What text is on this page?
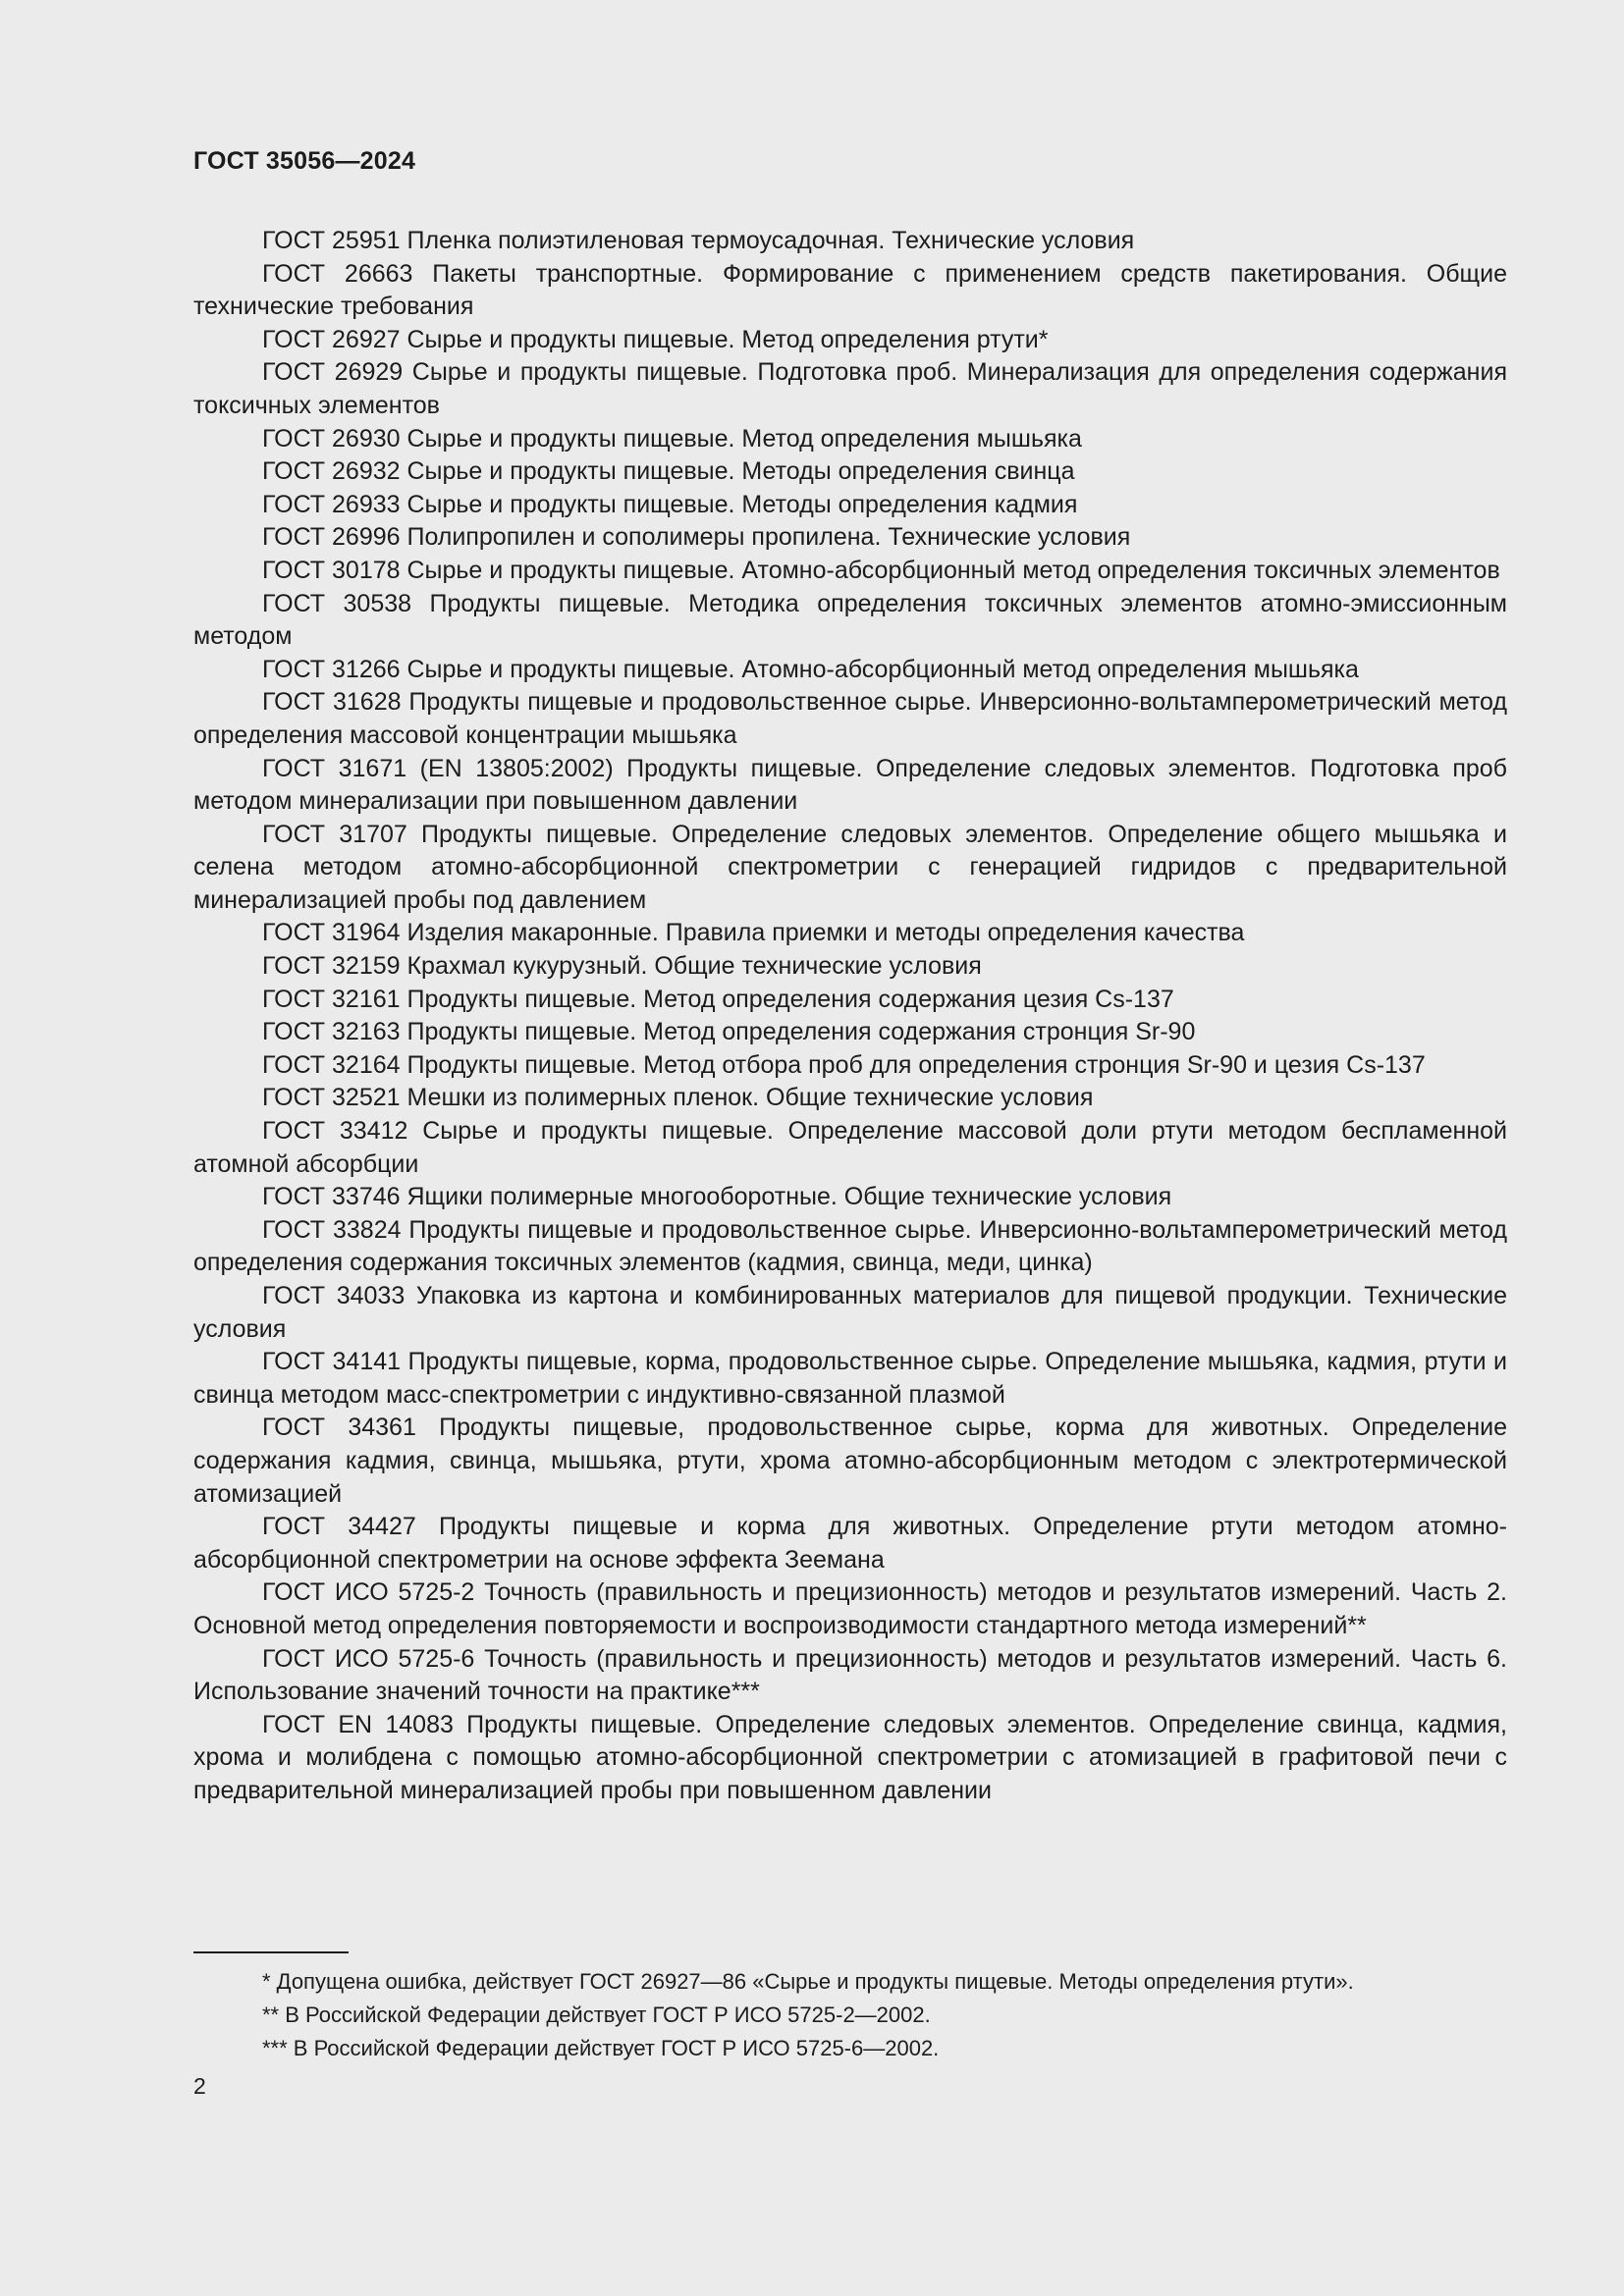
ГОСТ 35056—2024

ГОСТ 25951 Пленка полиэтиленовая термоусадочная. Технические условия

ГОСТ 26663 Пакеты транспортные. Формирование с применением средств пакетирования. Общие технические требования

ГОСТ 26927 Сырье и продукты пищевые. Метод определения ртути*

ГОСТ 26929 Сырье и продукты пищевые. Подготовка проб. Минерализация для определения содержания токсичных элементов

ГОСТ 26930 Сырье и продукты пищевые. Метод определения мышьяка

ГОСТ 26932 Сырье и продукты пищевые. Методы определения свинца

ГОСТ 26933 Сырье и продукты пищевые. Методы определения кадмия

ГОСТ 26996 Полипропилен и сополимеры пропилена. Технические условия

ГОСТ 30178 Сырье и продукты пищевые. Атомно-абсорбционный метод определения токсичных элементов

ГОСТ 30538 Продукты пищевые. Методика определения токсичных элементов атомно-эмиссионным методом

ГОСТ 31266 Сырье и продукты пищевые. Атомно-абсорбционный метод определения мышьяка

ГОСТ 31628 Продукты пищевые и продовольственное сырье. Инверсионно-вольтамперометрический метод определения массовой концентрации мышьяка

ГОСТ 31671 (EN 13805:2002) Продукты пищевые. Определение следовых элементов. Подготовка проб методом минерализации при повышенном давлении

ГОСТ 31707 Продукты пищевые. Определение следовых элементов. Определение общего мышьяка и селена методом атомно-абсорбционной спектрометрии с генерацией гидридов с предварительной минерализацией пробы под давлением

ГОСТ 31964 Изделия макаронные. Правила приемки и методы определения качества

ГОСТ 32159 Крахмал кукурузный. Общие технические условия

ГОСТ 32161 Продукты пищевые. Метод определения содержания цезия Cs-137

ГОСТ 32163 Продукты пищевые. Метод определения содержания стронция Sr-90

ГОСТ 32164 Продукты пищевые. Метод отбора проб для определения стронция Sr-90 и цезия Cs-137

ГОСТ 32521 Мешки из полимерных пленок. Общие технические условия

ГОСТ 33412 Сырье и продукты пищевые. Определение массовой доли ртути методом беспламенной атомной абсорбции

ГОСТ 33746 Ящики полимерные многооборотные. Общие технические условия

ГОСТ 33824 Продукты пищевые и продовольственное сырье. Инверсионно-вольтамперометрический метод определения содержания токсичных элементов (кадмия, свинца, меди, цинка)

ГОСТ 34033 Упаковка из картона и комбинированных материалов для пищевой продукции. Технические условия

ГОСТ 34141 Продукты пищевые, корма, продовольственное сырье. Определение мышьяка, кадмия, ртути и свинца методом масс-спектрометрии с индуктивно-связанной плазмой

ГОСТ 34361 Продукты пищевые, продовольственное сырье, корма для животных. Определение содержания кадмия, свинца, мышьяка, ртути, хрома атомно-абсорбционным методом с электротермической атомизацией

ГОСТ 34427 Продукты пищевые и корма для животных. Определение ртути методом атомно-абсорбционной спектрометрии на основе эффекта Зеемана

ГОСТ ИСО 5725-2 Точность (правильность и прецизионность) методов и результатов измерений. Часть 2. Основной метод определения повторяемости и воспроизводимости стандартного метода измерений**

ГОСТ ИСО 5725-6 Точность (правильность и прецизионность) методов и результатов измерений. Часть 6. Использование значений точности на практике***

ГОСТ EN 14083 Продукты пищевые. Определение следовых элементов. Определение свинца, кадмия, хрома и молибдена с помощью атомно-абсорбционной спектрометрии с атомизацией в графитовой печи с предварительной минерализацией пробы при повышенном давлении

* Допущена ошибка, действует ГОСТ 26927—86 «Сырье и продукты пищевые. Методы определения ртути».

** В Российской Федерации действует ГОСТ Р ИСО 5725-2—2002.

*** В Российской Федерации действует ГОСТ Р ИСО 5725-6—2002.

2
